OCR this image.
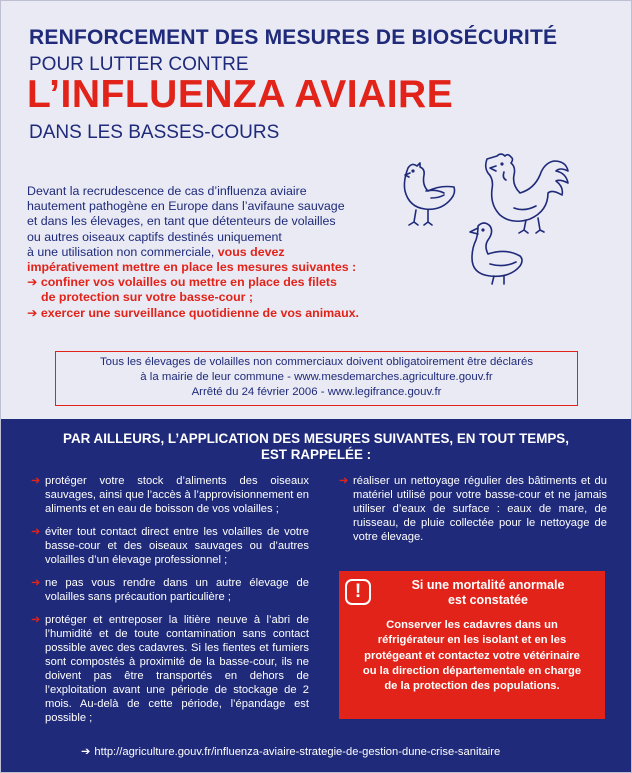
RENFORCEMENT DES MESURES DE BIOSÉCURITÉ
POUR LUTTER CONTRE
L’INFLUENZA AVIAIRE
DANS LES BASSES-COURS
Devant la recrudescence de cas d’influenza aviaire
hautement pathogène en Europe dans l’avifaune sauvage
et dans les élevages, en tant que détenteurs de volailles
ou autres oiseaux captifs destinés uniquement
à une utilisation non commerciale, vous devez
impérativement mettre en place les mesures suivantes :
➔ confiner vos volailles ou mettre en place des filets
de protection sur votre basse-cour ;
➔ exercer une surveillance quotidienne de vos animaux.
Tous les élevages de volailles non commerciaux doivent obligatoirement être déclarés
à la mairie de leur commune - www.mesdemarches.agriculture.gouv.fr
Arrêté du 24 février 2006 - www.legifrance.gouv.fr
PAR AILLEURS, L’APPLICATION DES MESURES SUIVANTES, EN TOUT TEMPS,
EST RAPPELÉE :

➜ protéger votre stock d’aliments des oiseaux sauvages, ainsi que l’accès à l’approvisionnement en aliments et en eau de boisson de vos volailles ;

➜ éviter tout contact direct entre les volailles de votre basse-cour et des oiseaux sauvages ou d’autres volailles d’un élevage professionnel ;

➜ ne pas vous rendre dans un autre élevage de volailles sans précaution particulière ;

➜ protéger et entreposer la litière neuve à l’abri de l’humidité et de toute contamination sans contact possible avec des cadavres. Si les fientes et fumiers sont compostés à proximité de la basse-cour, ils ne doivent pas être transportés en dehors de l’exploitation avant une période de stockage de 2 mois. Au-delà de cette période, l’épandage est possible ;

➜ réaliser un nettoyage régulier des bâtiments et du matériel utilisé pour votre basse-cour et ne jamais utiliser d’eaux de surface : eaux de mare, de ruisseau, de pluie collectée pour le nettoyage de votre élevage.

!	Si une mortalité anormale
est constatée
Conserver les cadavres dans un
réfrigérateur en les isolant et en les
protégeant et contactez votre vétérinaire
ou la direction départementale en charge
de la protection des populations.
➔ http://agriculture.gouv.fr/influenza-aviaire-strategie-de-gestion-dune-crise-sanitaire
